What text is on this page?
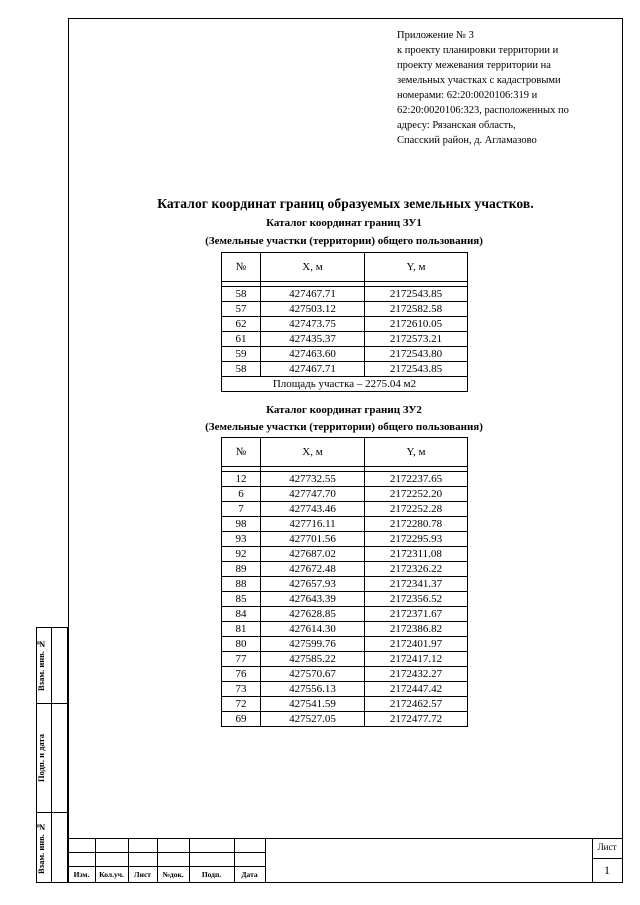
Приложение № 3
к проекту планировки территории и
проекту межевания территории на
земельных участках с кадастровыми
номерами: 62:20:0020106:319 и
62:20:0020106:323, расположенных по
адресу: Рязанская область,
Спасский район, д. Агламазово
Каталог координат границ образуемых земельных участков.
Каталог координат границ ЗУ1
(Земельные участки (территории) общего пользования)
№	Х, м	Y, м

58	427467.71	2172543.85
57	427503.12	2172582.58
62	427473.75	2172610.05
61	427435.37	2172573.21
59	427463.60	2172543.80
58	427467.71	2172543.85
Площадь участка – 2275.04 м2		
Каталог координат границ ЗУ2
(Земельные участки (территории) общего пользования)
№	Х, м	Y, м

12	427732.55	2172237.65
6	427747.70	2172252.20
7	427743.46	2172252.28
98	427716.11	2172280.78
93	427701.56	2172295.93
92	427687.02	2172311.08
89	427672.48	2172326.22
88	427657.93	2172341.37
85	427643.39	2172356.52
84	427628.85	2172371.67
81	427614.30	2172386.82
80	427599.76	2172401.97
77	427585.22	2172417.12
76	427570.67	2172432.27
73	427556.13	2172447.42
72	427541.59	2172462.57
69	427527.05	2172477.72
Взам. инв. №
Подп. и дата
Взам. инв. №
Изм.	Кол.уч.	Лист	№док.	Подп.	Дата
Лист
1
